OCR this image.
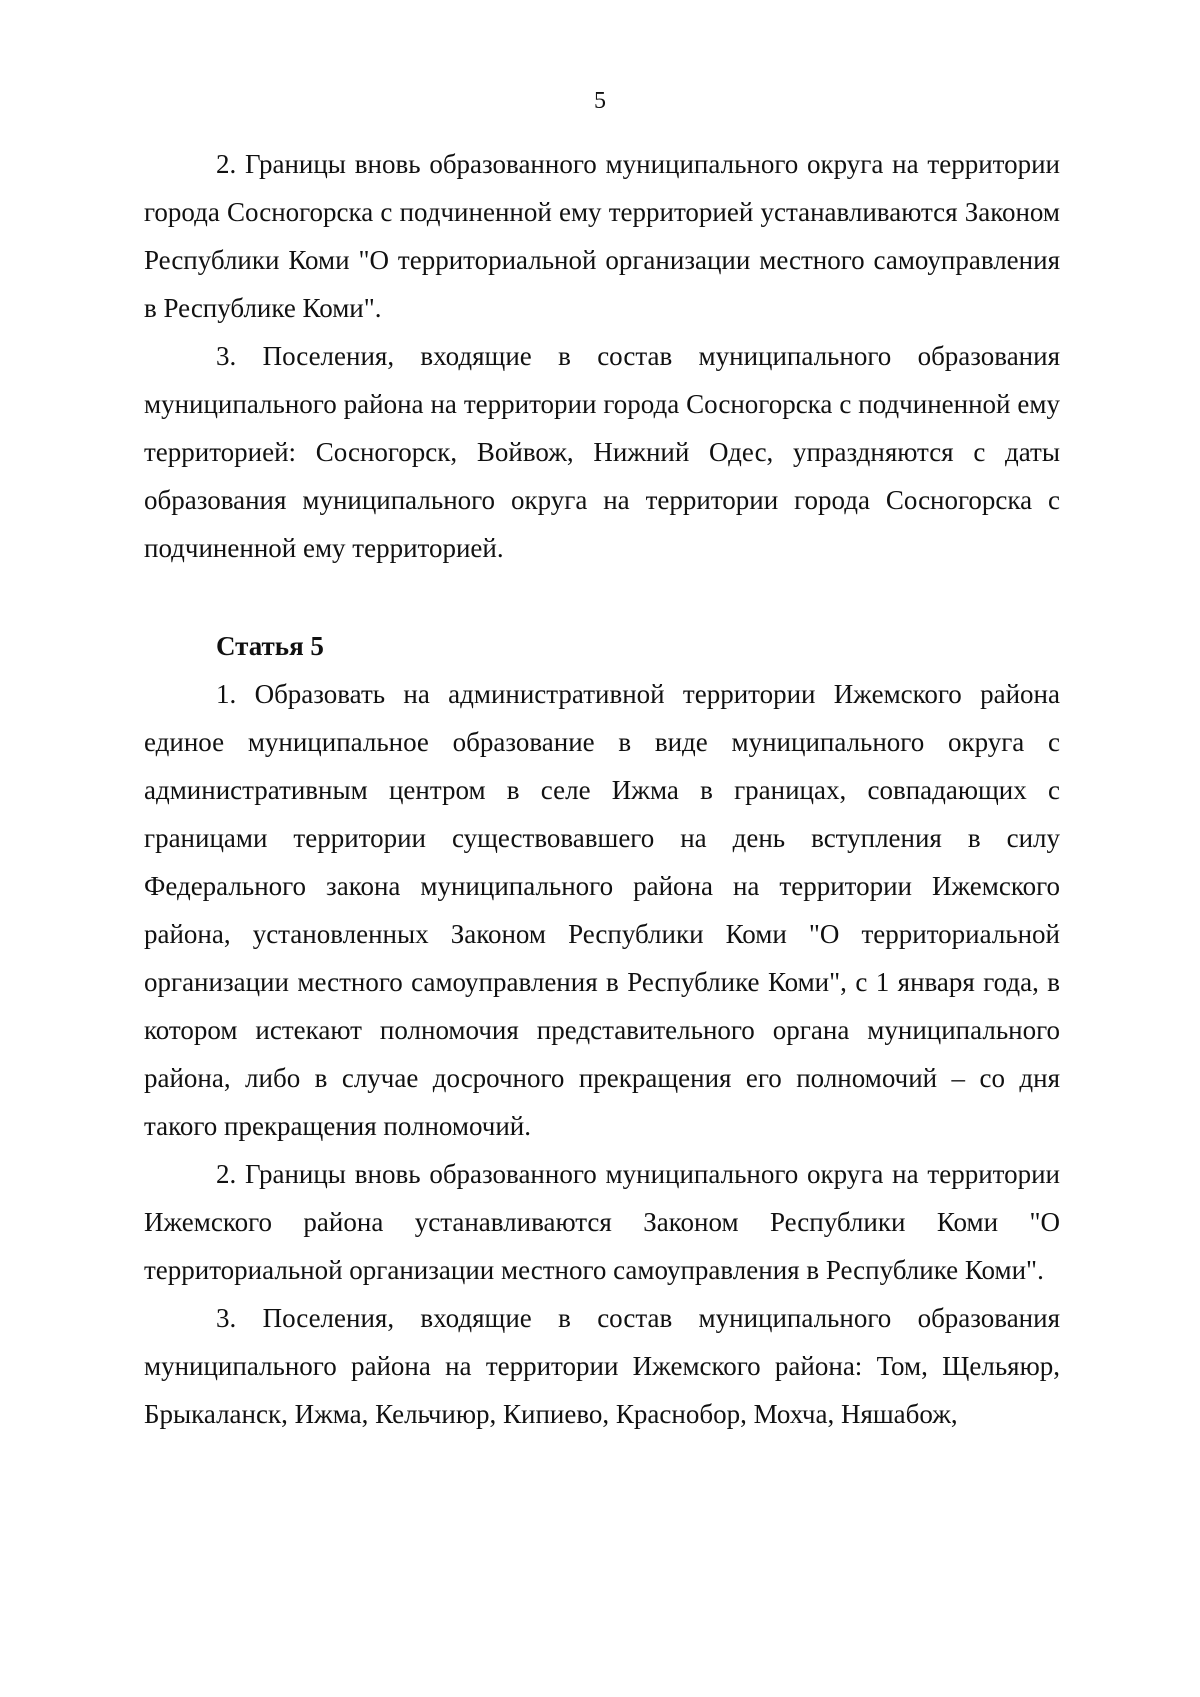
5

2. Границы вновь образованного муниципального округа на территории города Сосногорска с подчиненной ему территорией устанавливаются Законом Республики Коми "О территориальной организации местного самоуправления в Республике Коми".

3. Поселения, входящие в состав муниципального образования муниципального района на территории города Сосногорска с подчиненной ему территорией: Сосногорск, Войвож, Нижний Одес, упраздняются с даты образования муниципального округа на территории города Сосногорска с подчиненной ему территорией.

Статья 5

1. Образовать на административной территории Ижемского района единое муниципальное образование в виде муниципального округа с административным центром в селе Ижма в границах, совпадающих с границами территории существовавшего на день вступления в силу Федерального закона муниципального района на территории Ижемского района, установленных Законом Республики Коми "О территориальной организации местного самоуправления в Республике Коми", с 1 января года, в котором истекают полномочия представительного органа муниципального района, либо в случае досрочного прекращения его полномочий – со дня такого прекращения полномочий.

2. Границы вновь образованного муниципального округа на территории Ижемского района устанавливаются Законом Республики Коми "О территориальной организации местного самоуправления в Республике Коми".

3. Поселения, входящие в состав муниципального образования муниципального района на территории Ижемского района: Том, Щельяюр, Брыкаланск, Ижма, Кельчиюр, Кипиево, Краснобор, Мохча, Няшабож,
